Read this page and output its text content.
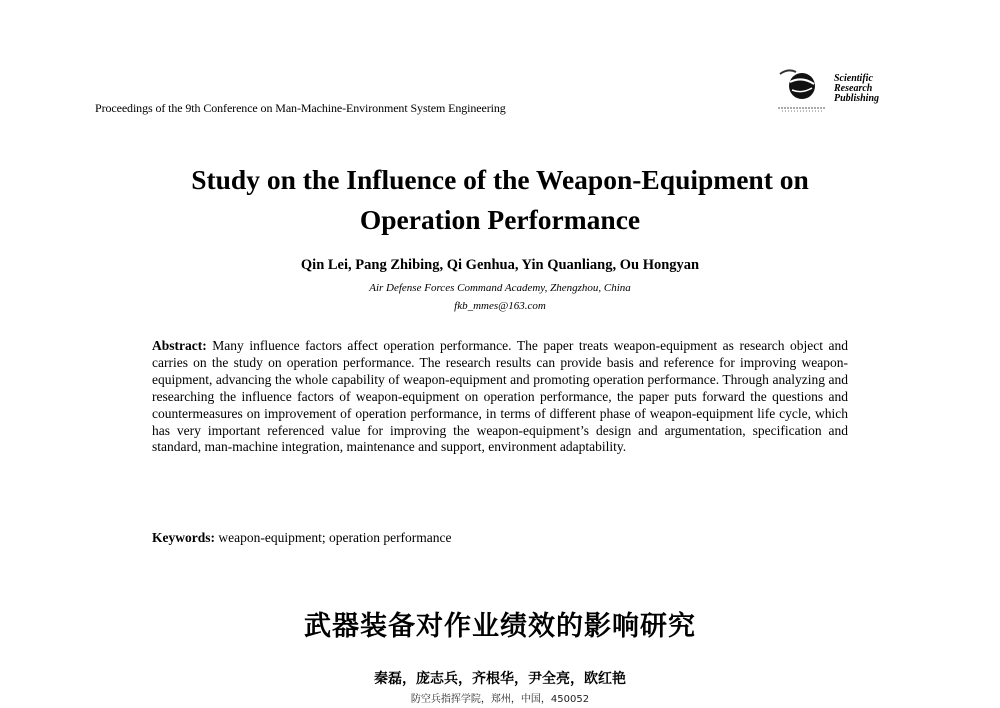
Proceedings of the 9th Conference on Man-Machine-Environment System Engineering
Scientific
Research
Publishing
Study on the Influence of the Weapon-Equipment on
Operation Performance
Qin Lei, Pang Zhibing, Qi Genhua, Yin Quanliang, Ou Hongyan
Air Defense Forces Command Academy, Zhengzhou, China
fkb_mmes@163.com
Abstract: Many influence factors affect operation performance. The paper treats weapon-equipment as research object and carries on the study on operation performance. The research results can provide basis and reference for improving weapon-equipment, advancing the whole capability of weapon-equipment and promoting operation performance. Through analyzing and researching the influence factors of weapon-equipment on operation performance, the paper puts forward the questions and countermeasures on improvement of operation performance, in terms of different phase of weapon-equipment life cycle, which has very important referenced value for improving the weapon-equipment’s design and argumentation, specification and standard, man-machine integration, maintenance and support, environment adaptability.
Keywords: weapon-equipment; operation performance
武器装备对作业绩效的影响研究
秦磊，庞志兵，齐根华，尹全亮，欧红艳
防空兵指挥学院，郑州，中国，450052
